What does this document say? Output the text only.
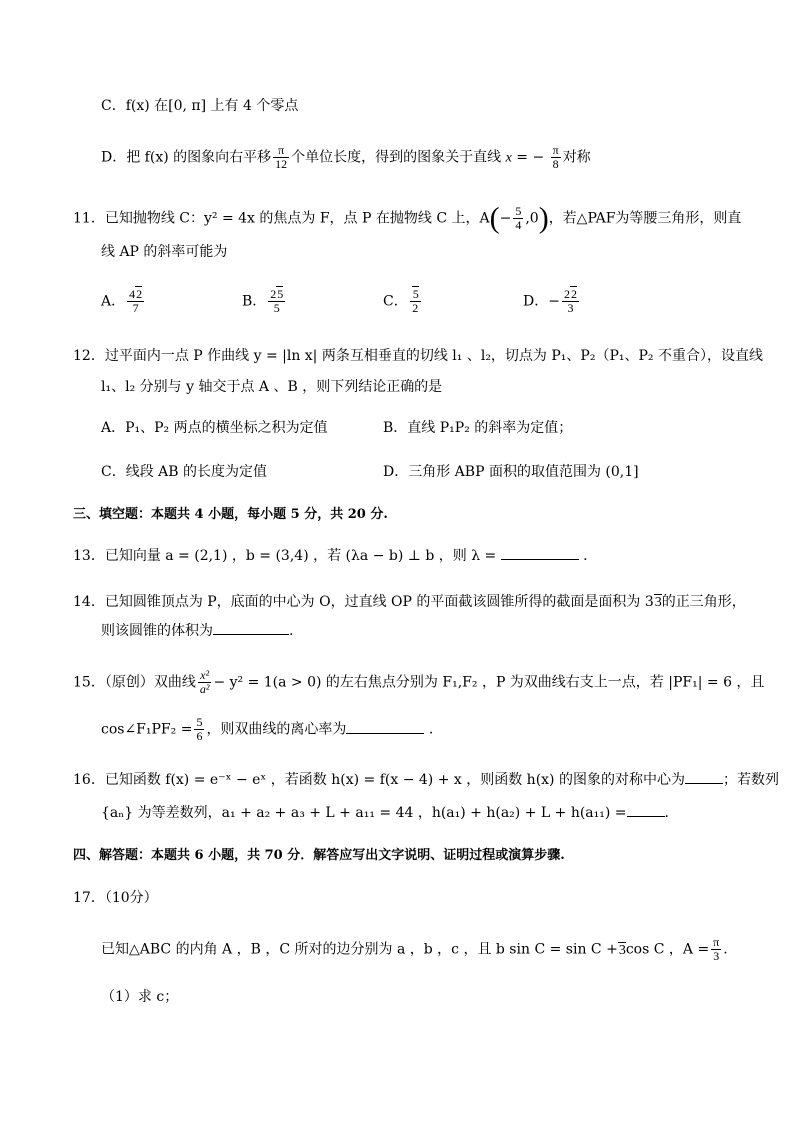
C．f(x) 在[0, π] 上有 4 个零点
D．把 f(x) 的图象向右平移 $\frac{\pi}{12}$ 个单位长度，得到的图象关于直线 x = − $\frac{\pi}{8}$ 对称
11．已知抛物线 C：y² = 4x 的焦点为 F，点 P 在抛物线 C 上，$A(- \frac{5}{4} ,0)$，若△PAF为等腰三角形，则直
线 AP 的斜率可能为
A． $\frac{42}{7}$	B． $\frac{25}{5}$	C． $\frac{5}{2}$	D．− $\frac{22}{3}$
12．过平面内一点 P 作曲线 y = |ln x| 两条互相垂直的切线 l₁ 、l₂，切点为 P₁、P₂（P₁、P₂ 不重合），设直线
l₁、l₂ 分别与 y 轴交于点 A 、B ，则下列结论正确的是
A．P₁、P₂ 两点的横坐标之积为定值	B．直线 P₁P₂ 的斜率为定值；
C．线段 AB 的长度为定值	D．三角形 ABP 面积的取值范围为 (0,1]
三、填空题：本题共 4 小题，每小题 5 分，共 20 分.
13．已知向量 a = (2,1) ，b = (3,4) ，若 (λa − b) ⊥ b ，则 λ =	.
14．已知圆锥顶点为 P，底面的中心为 O，过直线 OP 的平面截该圆锥所得的截面是面积为 33的正三角形，
则该圆锥的体积为	.
15．（原创）双曲线 $\frac{\text{x²}}{\text{a²}} - y^2 = 1(a > 0)$ 的左右焦点分别为 F₁,F₂ ，P 为双曲线右支上一点，若 |PF₁| = 6 ，且
cos∠F₁PF₂ = $\frac{5}{6}$ ，则双曲线的离心率为	.
16．已知函数 f(x) = e⁻ˣ − eˣ ，若函数 h(x) = f(x − 4) + x ，则函数 h(x) 的图象的对称中心为	；若数列
{aₙ} 为等差数列，a₁ + a₂ + a₃ + L + a₁₁ = 44 ，h(a₁) + h(a₂) + L + h(a₁₁) =	.
四、解答题：本题共 6 小题，共 70 分．解答应写出文字说明、证明过程或演算步骤.
17．（10分）
已知△ABC 的内角 A ，B ，C 所对的边分别为 a ，b ，c ，且 b sin C = sin C +3cos C ，$A = \frac{\pi}{3}$ .
（1）求 c；
